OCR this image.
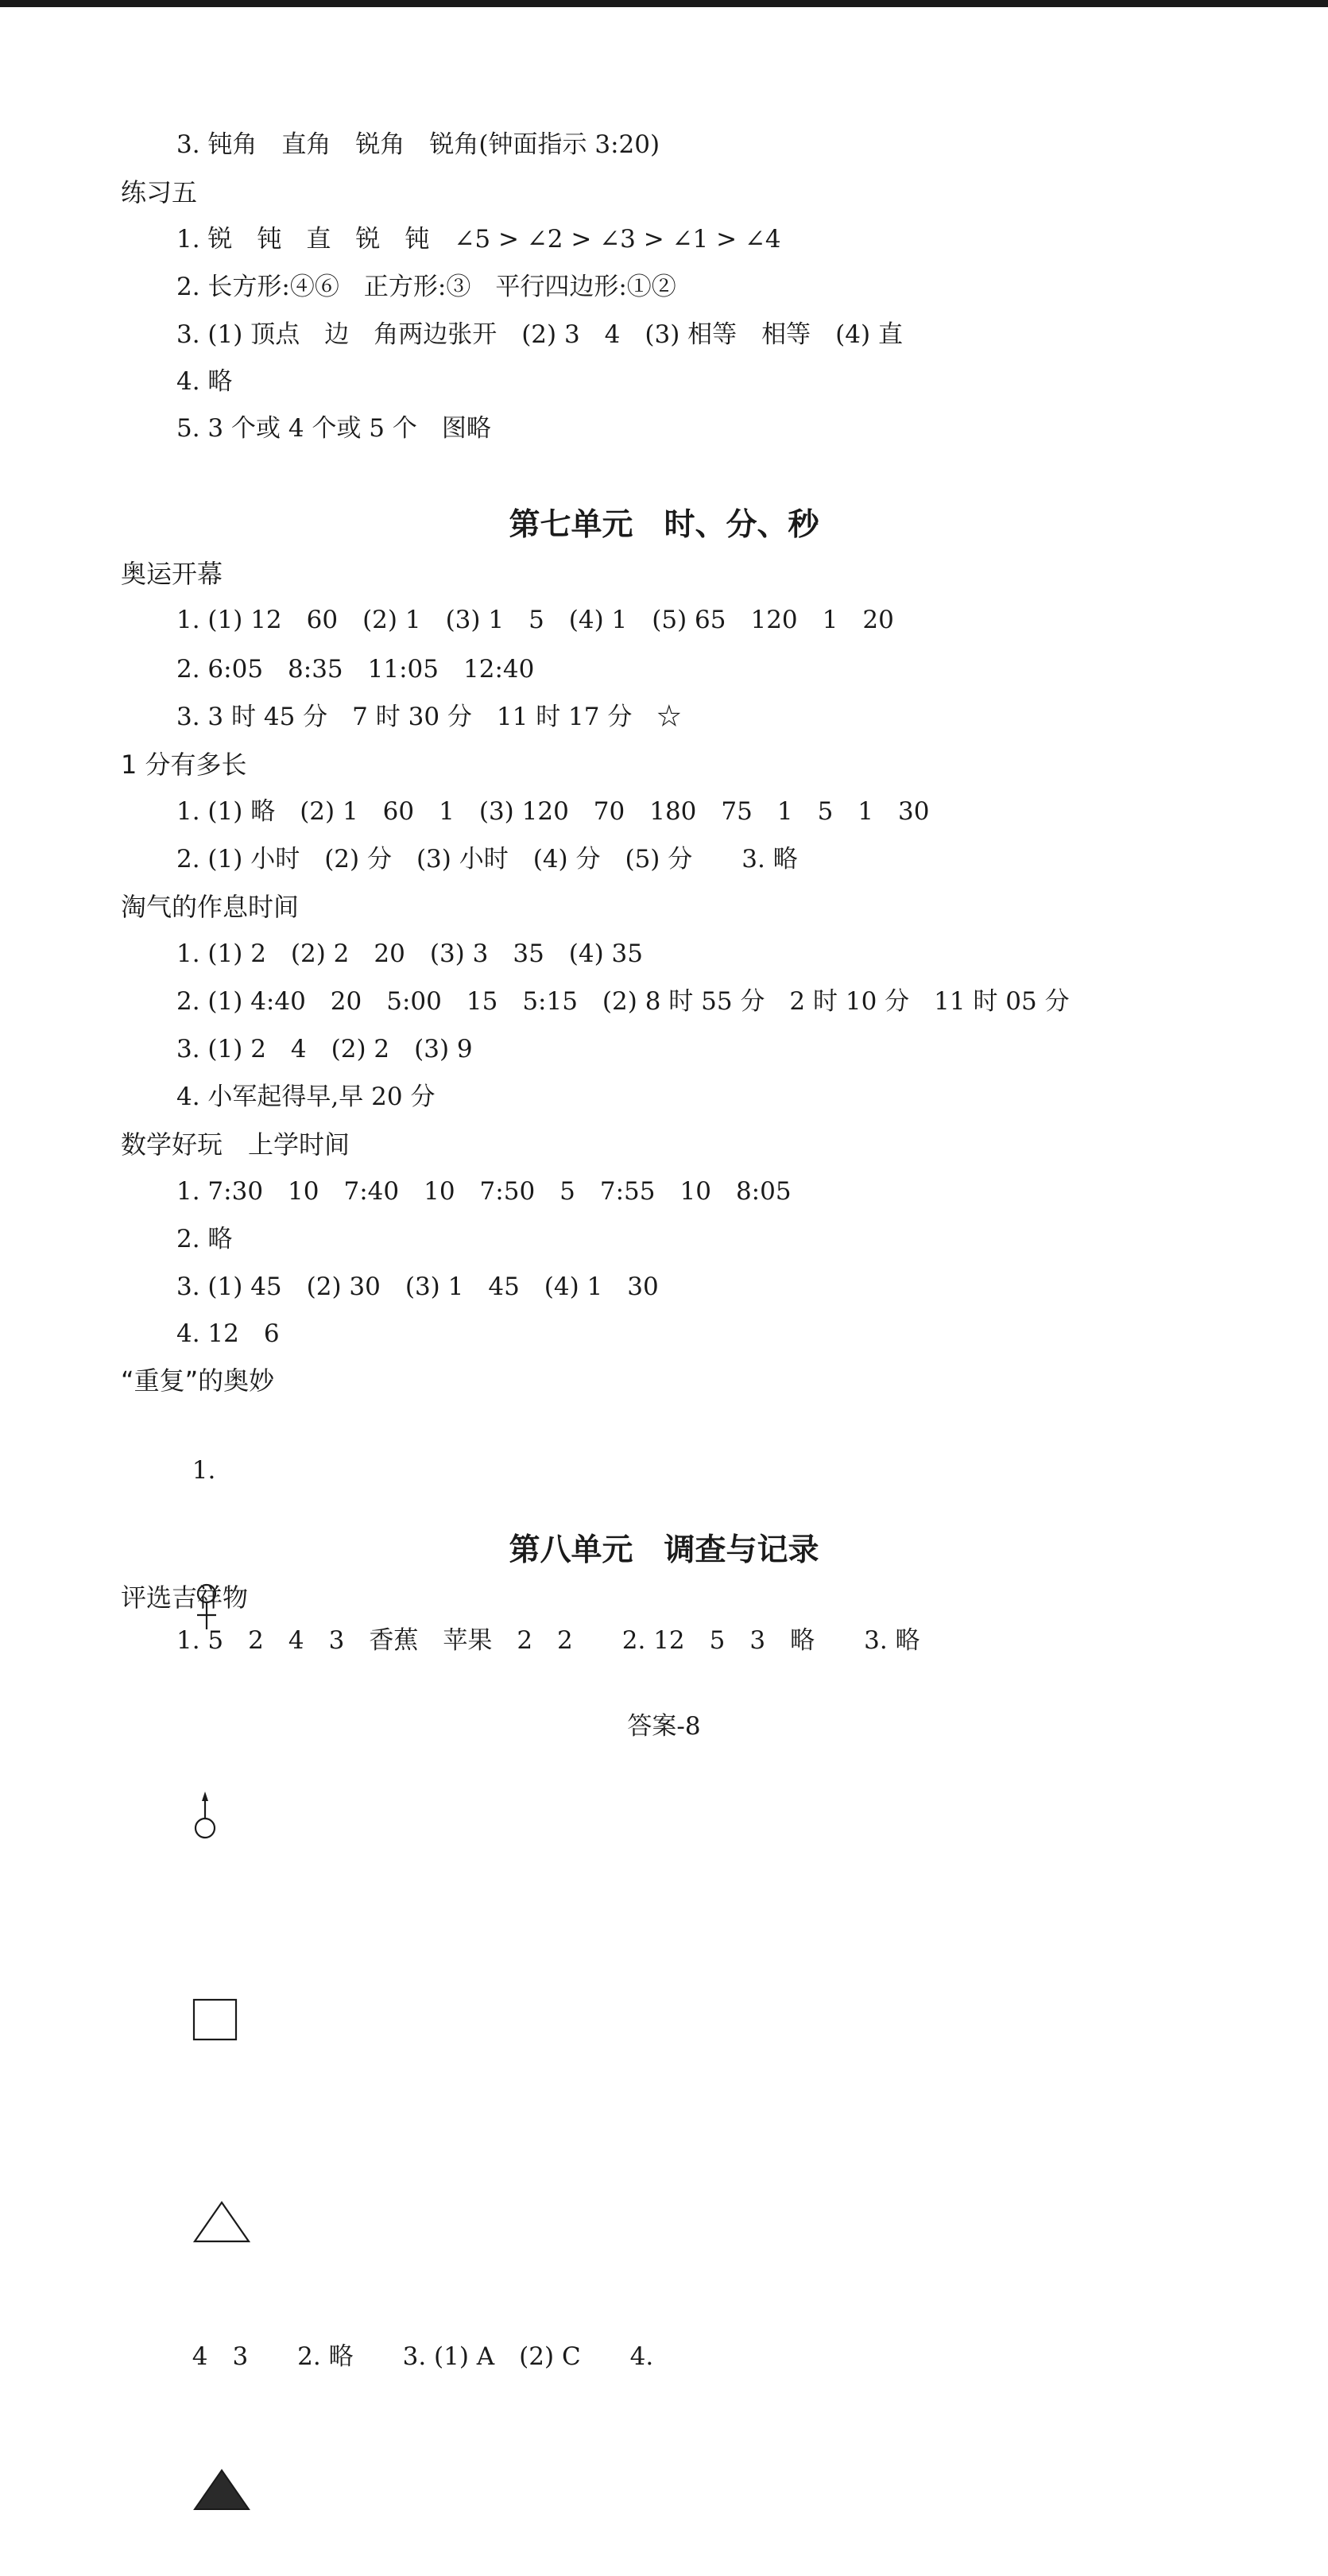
3. 钝角　直角　锐角　锐角(钟面指示 3:20)
练习五
1. 锐　钝　直　锐　钝　∠5 > ∠2 > ∠3 > ∠1 > ∠4
2. 长方形:④⑥　正方形:③　平行四边形:①②
3. (1) 顶点　边　角两边张开　(2) 3　4　(3) 相等　相等　(4) 直
4. 略
5. 3 个或 4 个或 5 个　图略
第七单元　时、分、秒
奥运开幕
1. (1) 12　60　(2) 1　(3) 1　5　(4) 1　(5) 65　120　1　20
2. 6:05　8:35　11:05　12:40
3. 3 时 45 分　7 时 30 分　11 时 17 分　☆
1 分有多长
1. (1) 略　(2) 1　60　1　(3) 120　70　180　75　1　5　1　30
2. (1) 小时　(2) 分　(3) 小时　(4) 分　(5) 分　　3. 略
淘气的作息时间
1. (1) 2　(2) 2　20　(3) 3　35　(4) 35
2. (1) 4:40　20　5:00　15　5:15　(2) 8 时 55 分　2 时 10 分　11 时 05 分
3. (1) 2　4　(2) 2　(3) 9
4. 小军起得早,早 20 分
数学好玩　上学时间
1. 7:30　10　7:40　10　7:50　5　7:55　10　8:05
2. 略
3. (1) 45　(2) 30　(3) 1　45　(4) 1　30
4. 12　6
“重复”的奥妙

1.

4　3　　2. 略　　3. (1) A　(2) C　　4.

第八单元　调查与记录
评选吉祥物
1. 5　2　4　3　香蕉　苹果　2　2　　2. 12　5　3　略　　3. 略
答案-8
